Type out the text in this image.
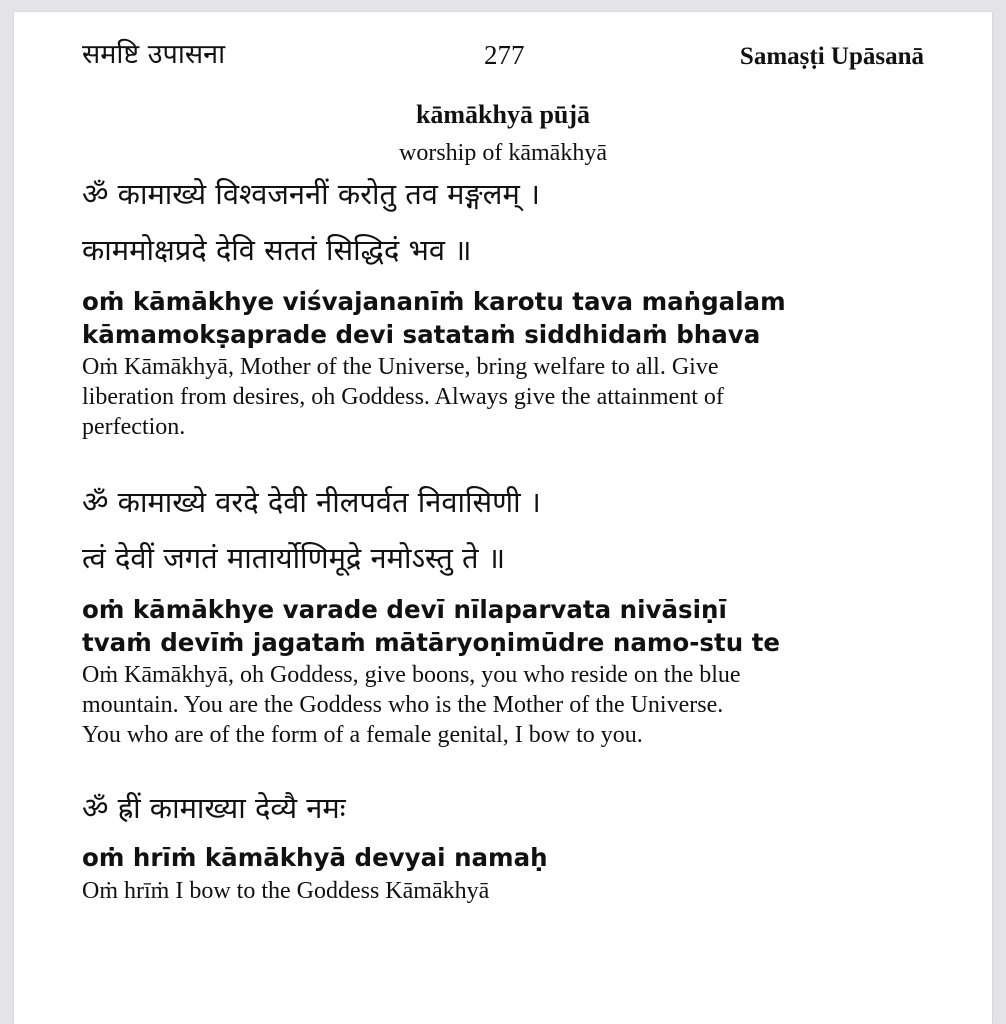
समष्टि उपासना	277	Samaṣṭi Upāsanā
kāmākhyā pūjā
worship of kāmākhyā
ॐ कामाख्ये विश्वजननीं करोतु तव मङ्गलम् ।
काममोक्षप्रदे देवि सततं सिद्धिदं भव ॥
oṁ kāmākhye viśvajananīṁ karotu tava maṅgalam
kāmamokṣaprade devi satataṁ siddhidaṁ bhava
Oṁ Kāmākhyā, Mother of the Universe, bring welfare to all. Give
liberation from desires, oh Goddess. Always give the attainment of
perfection.
ॐ कामाख्ये वरदे देवी नीलपर्वत निवासिणी ।
त्वं देवीं जगतं मातार्योणिमूद्रे नमोऽस्तु ते ॥
oṁ kāmākhye varade devī nīlaparvata nivāsiṇī
tvaṁ devīṁ jagataṁ mātāryoṇimūdre namo-stu te
Oṁ Kāmākhyā, oh Goddess, give boons, you who reside on the blue
mountain. You are the Goddess who is the Mother of the Universe.
You who are of the form of a female genital, I bow to you.
ॐ ह्रीं कामाख्या देव्यै नमः
oṁ hrīṁ kāmākhyā devyai namaḥ
Oṁ hrīṁ I bow to the Goddess Kāmākhyā
